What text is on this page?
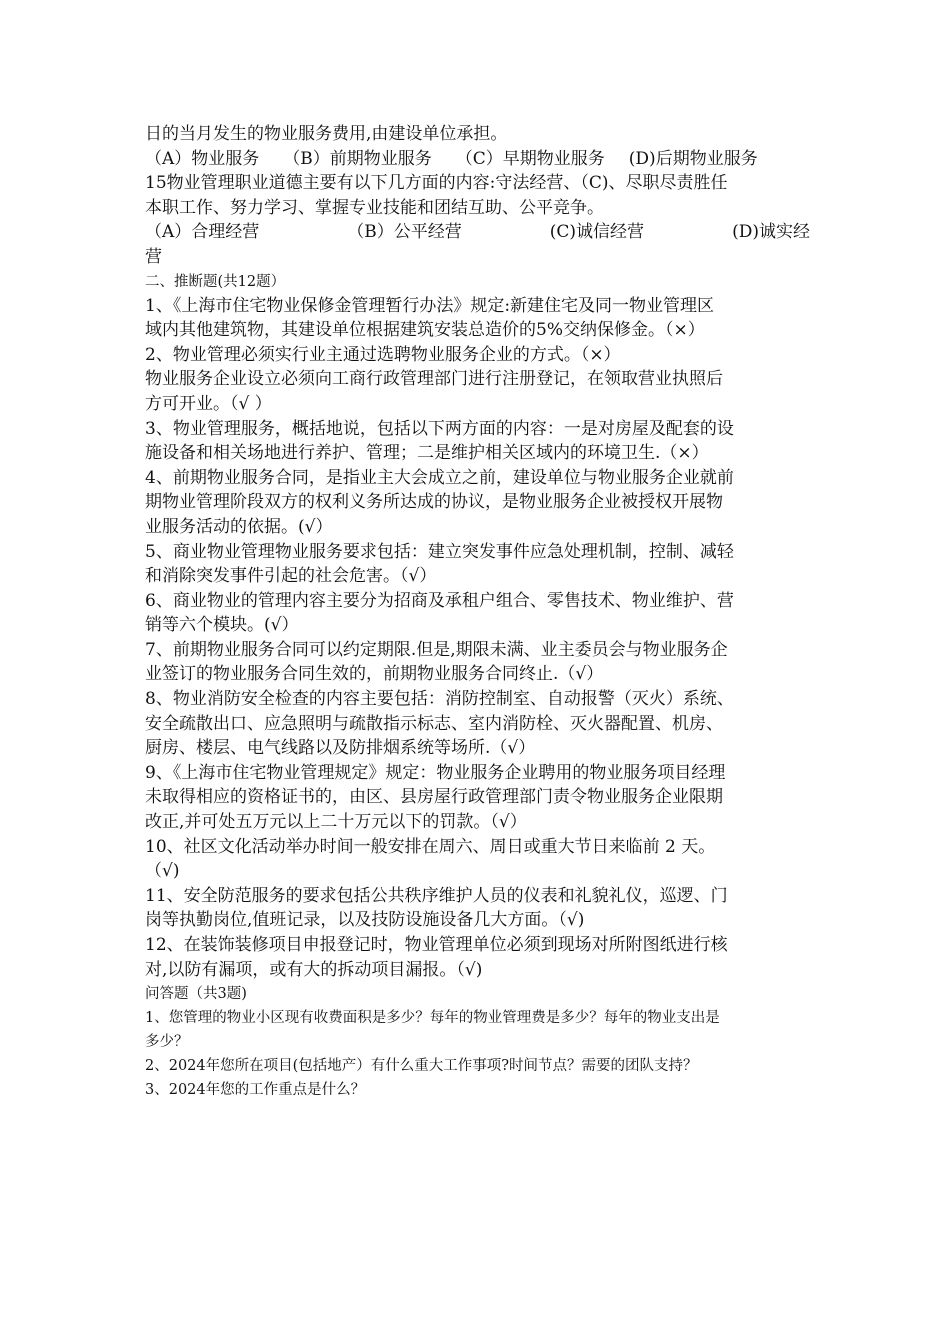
日的当月发生的物业服务费用,由建设单位承担。

（A）物业服务 （B）前期物业服务 （C）早期物业服务 (D)后期物业服务

15物业管理职业道德主要有以下几方面的内容:守法经营、（C)、尽职尽责胜任

本职工作、努力学习、掌握专业技能和团结互助、公平竞争。

（A）合理经营	（B）公平经营	(C)诚信经营	(D)诚实经

营

二、推断题(共12题）

1、《上海市住宅物业保修金管理暂行办法》规定:新建住宅及同一物业管理区

域内其他建筑物，其建设单位根据建筑安装总造价的5%交纳保修金。（×）

2、物业管理必须实行业主通过选聘物业服务企业的方式。（×）

物业服务企业设立必须向工商行政管理部门进行注册登记，在领取营业执照后

方可开业。（√ ）

3、物业管理服务，概括地说，包括以下两方面的内容：一是对房屋及配套的设

施设备和相关场地进行养护、管理；二是维护相关区域内的环境卫生.（×）

4、前期物业服务合同，是指业主大会成立之前，建设单位与物业服务企业就前

期物业管理阶段双方的权利义务所达成的协议，是物业服务企业被授权开展物

业服务活动的依据。(√）

5、商业物业管理物业服务要求包括：建立突发事件应急处理机制，控制、减轻

和消除突发事件引起的社会危害。（√）

6、商业物业的管理内容主要分为招商及承租户组合、零售技术、物业维护、营

销等六个模块。(√）

7、前期物业服务合同可以约定期限.但是,期限未满、业主委员会与物业服务企

业签订的物业服务合同生效的，前期物业服务合同终止.（√）

8、物业消防安全检查的内容主要包括：消防控制室、自动报警（灭火）系统、

安全疏散出口、应急照明与疏散指示标志、室内消防栓、灭火器配置、机房、

厨房、楼层、电气线路以及防排烟系统等场所.（√）

9、《上海市住宅物业管理规定》规定：物业服务企业聘用的物业服务项目经理

未取得相应的资格证书的，由区、县房屋行政管理部门责令物业服务企业限期

改正,并可处五万元以上二十万元以下的罚款。（√）

10、社区文化活动举办时间一般安排在周六、周日或重大节日来临前 2 天。

（√)

11、安全防范服务的要求包括公共秩序维护人员的仪表和礼貌礼仪，巡逻、门

岗等执勤岗位,值班记录，以及技防设施设备几大方面。（√)

12、在装饰装修项目申报登记时，物业管理单位必须到现场对所附图纸进行核

对,以防有漏项，或有大的拆动项目漏报。（√)

问答题（共3题)

1、您管理的物业小区现有收费面积是多少？每年的物业管理费是多少？每年的物业支出是

多少？

2、2024年您所在项目(包括地产）有什么重大工作事项?时间节点？需要的团队支持？

3、2024年您的工作重点是什么？
